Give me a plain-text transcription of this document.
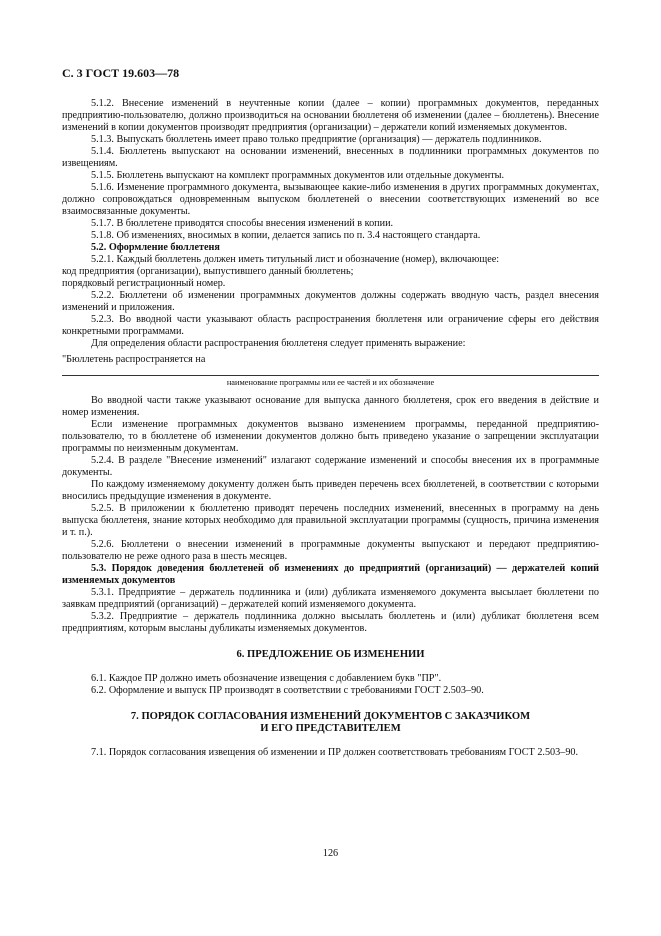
С. 3 ГОСТ 19.603—78

5.1.2. Внесение изменений в неучтенные копии (далее – копии) программных документов, переданных предприятию-пользователю, должно производиться на основании бюллетеня об изменении (далее – бюллетень). Внесение изменений в копии документов производят предприятия (организации) – держатели копий изменяемых документов.

5.1.3. Выпускать бюллетень имеет право только предприятие (организация) — держатель подлинников.

5.1.4. Бюллетень выпускают на основании изменений, внесенных в подлинники программных документов по извещениям.

5.1.5. Бюллетень выпускают на комплект программных документов или отдельные документы.

5.1.6. Изменение программного документа, вызывающее какие-либо изменения в других программных документах, должно сопровождаться одновременным выпуском бюллетеней о внесении соответствующих изменений во все взаимосвязанные документы.

5.1.7. В бюллетене приводятся способы внесения изменений в копии.

5.1.8. Об изменениях, вносимых в копии, делается запись по п. 3.4 настоящего стандарта.

5.2. Оформление бюллетеня

5.2.1. Каждый бюллетень должен иметь титульный лист и обозначение (номер), включающее:

код предприятия (организации), выпустившего данный бюллетень;

порядковый регистрационный номер.

5.2.2. Бюллетени об изменении программных документов должны содержать вводную часть, раздел внесения изменений и приложения.

5.2.3. Во вводной части указывают область распространения бюллетеня или ограничение сферы его действия конкретными программами.

Для определения области распространения бюллетеня следует применять выражение:

"Бюллетень распространяется на
наименование программы или ее частей и их обозначение

Во вводной части также указывают основание для выпуска данного бюллетеня, срок его введения в действие и номер изменения.

Если изменение программных документов вызвано изменением программы, переданной предприятию-пользователю, то в бюллетене об изменении документов должно быть приведено указание о запрещении эксплуатации программы по неизменным документам.

5.2.4. В разделе "Внесение изменений" излагают содержание изменений и способы внесения их в программные документы.

По каждому изменяемому документу должен быть приведен перечень всех бюллетеней, в соответствии с которыми вносились предыдущие изменения в документе.

5.2.5. В приложении к бюллетеню приводят перечень последних изменений, внесенных в программу на день выпуска бюллетеня, знание которых необходимо для правильной эксплуатации программы (сущность, причина изменения и т. п.).

5.2.6. Бюллетени о внесении изменений в программные документы выпускают и передают предприятию-пользователю не реже одного раза в шесть месяцев.

5.3. Порядок доведения бюллетеней об изменениях до предприятий (организаций) — держателей копий изменяемых документов

5.3.1. Предприятие – держатель подлинника и (или) дубликата изменяемого документа высылает бюллетени по заявкам предприятий (организаций) – держателей копий изменяемого документа.

5.3.2. Предприятие – держатель подлинника должно высылать бюллетень и (или) дубликат бюллетеня всем предприятиям, которым высланы дубликаты изменяемых документов.

6. ПРЕДЛОЖЕНИЕ ОБ ИЗМЕНЕНИИ

6.1. Каждое ПР должно иметь обозначение извещения с добавлением букв "ПР".

6.2. Оформление и выпуск ПР производят в соответствии с требованиями ГОСТ 2.503–90.

7. ПОРЯДОК СОГЛАСОВАНИЯ ИЗМЕНЕНИЙ ДОКУМЕНТОВ С ЗАКАЗЧИКОМ
И ЕГО ПРЕДСТАВИТЕЛЕМ

7.1. Порядок согласования извещения об изменении и ПР должен соответствовать требованиям ГОСТ 2.503–90.

126
